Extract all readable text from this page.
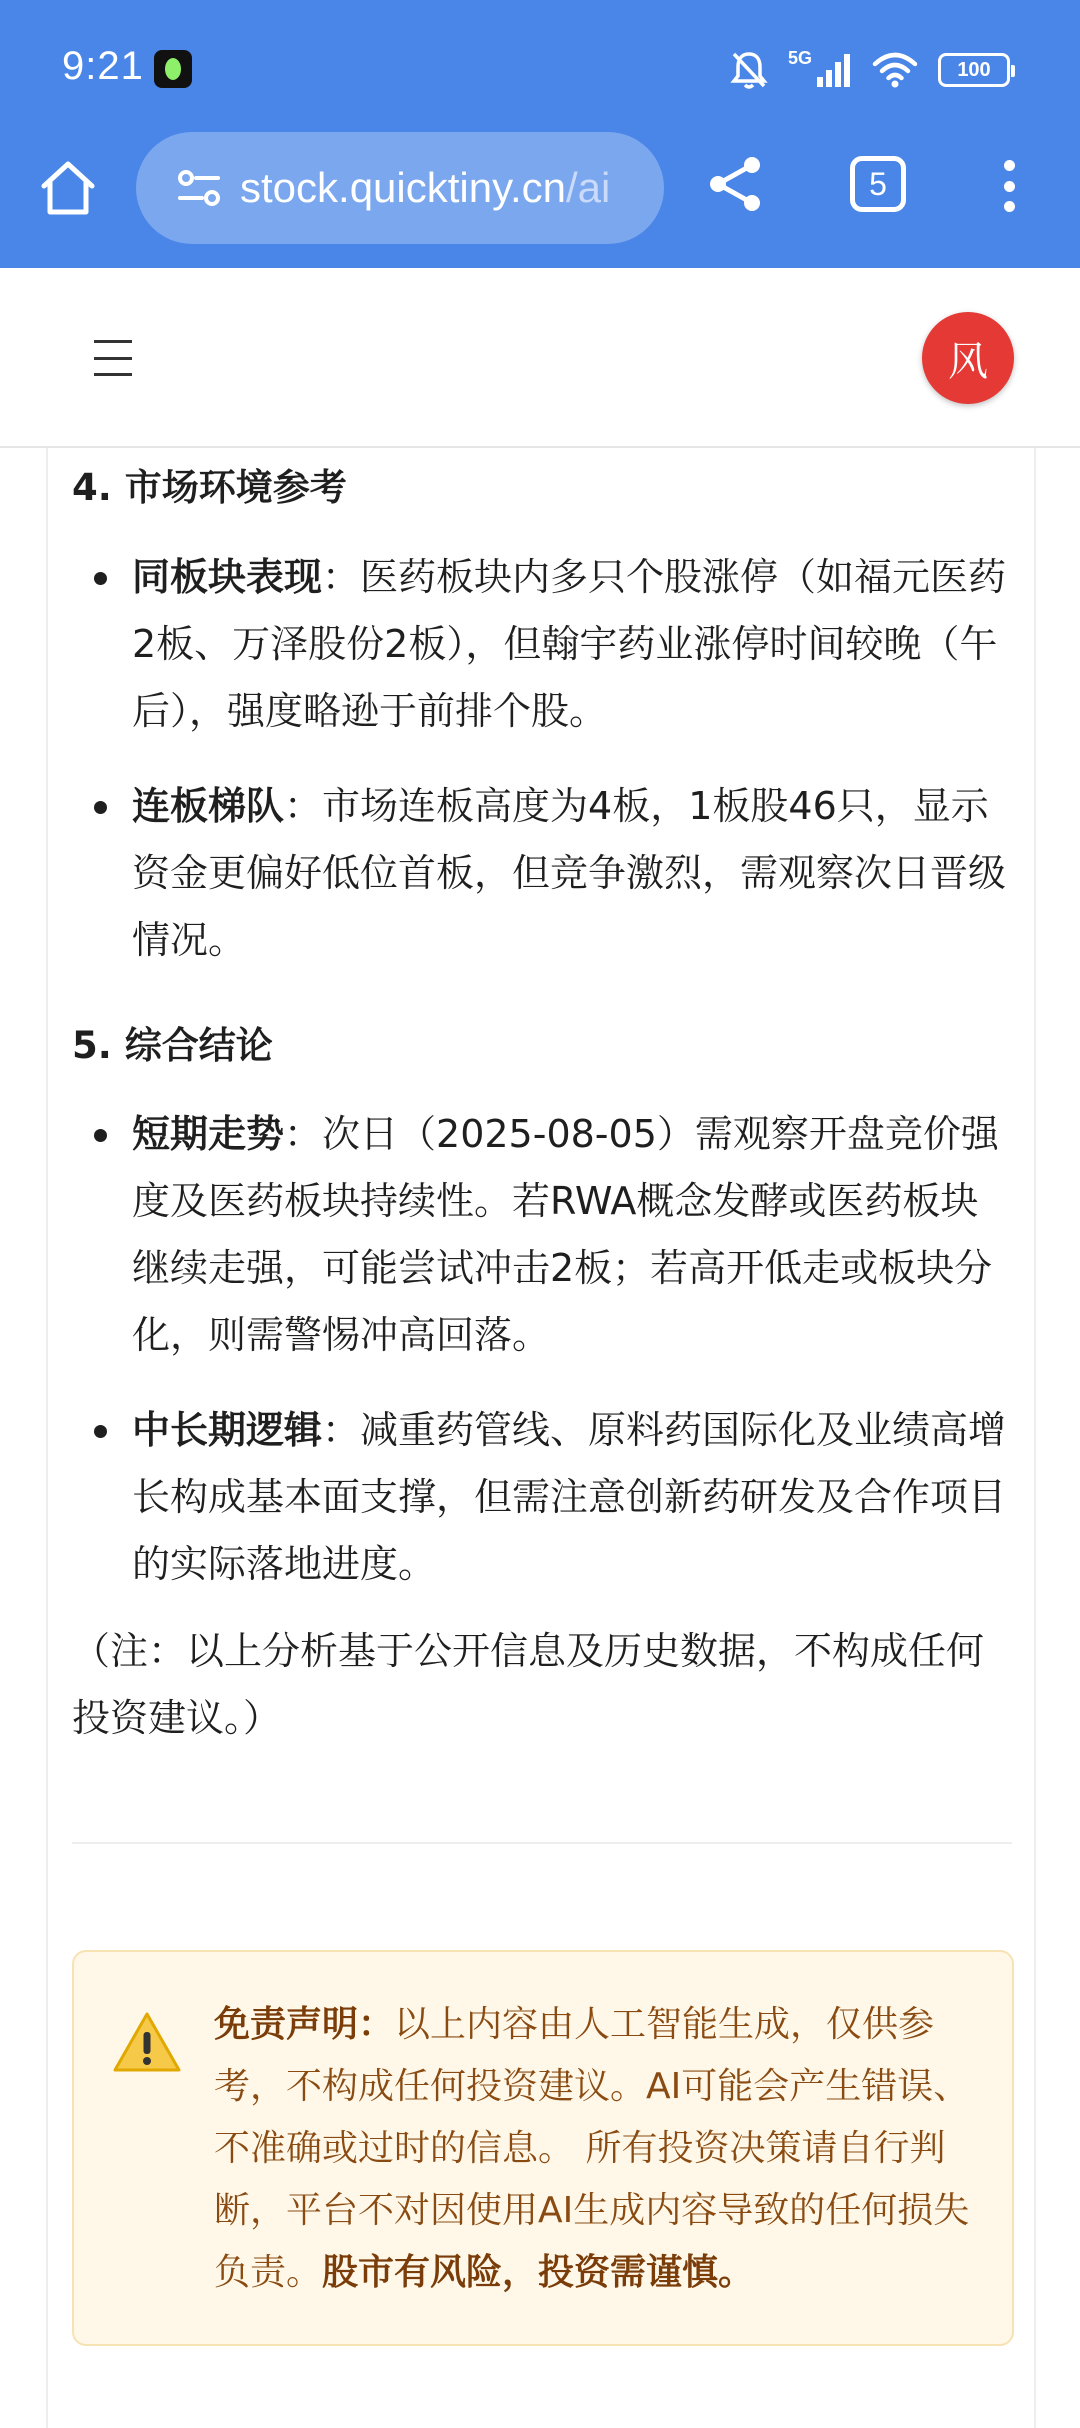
9:21	5G
100
stock.quicktiny.cn/ai	5
风
4. 市场环境参考
同板块表现：医药板块内多只个股涨停（如福元医药2板、万泽股份2板），但翰宇药业涨停时间较晚（午后），强度略逊于前排个股。
连板梯队：市场连板高度为4板，1板股46只，显示资金更偏好低位首板，但竞争激烈，需观察次日晋级情况。
5. 综合结论
短期走势：次日（2025-08-05）需观察开盘竞价强度及医药板块持续性。若RWA概念发酵或医药板块继续走强，可能尝试冲击2板；若高开低走或板块分化，则需警惕冲高回落。
中长期逻辑：减重药管线、原料药国际化及业绩高增长构成基本面支撑，但需注意创新药研发及合作项目的实际落地进度。

（注：以上分析基于公开信息及历史数据，不构成任何投资建议。）

免责声明：以上内容由人工智能生成，仅供参考，不构成任何投资建议。AI可能会产生错误、不准确或过时的信息。 所有投资决策请自行判断，平台不对因使用AI生成内容导致的任何损失负责。股市有风险，投资需谨慎。
